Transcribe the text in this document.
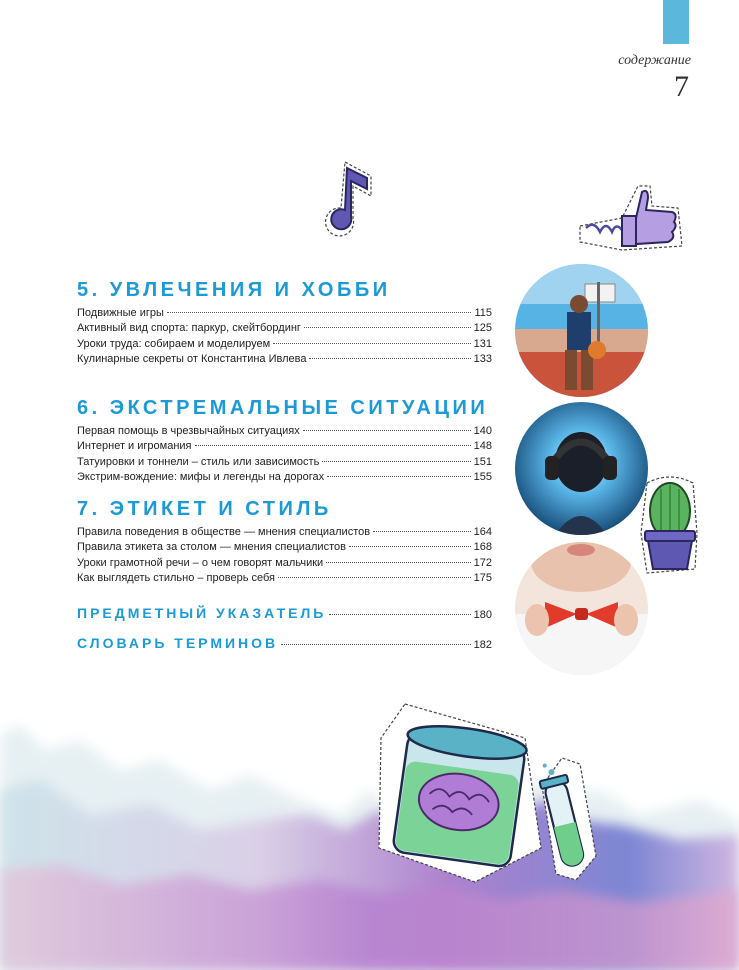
содержание
7
5. УВЛЕЧЕНИЯ И ХОББИ
Подвижные игры	115
Активный вид спорта: паркур, скейтбординг	125
Уроки труда: собираем и моделируем	131
Кулинарные секреты от Константина Ивлева	133
6. ЭКСТРЕМАЛЬНЫЕ СИТУАЦИИ
Первая помощь в чрезвычайных ситуациях	140
Интернет и игромания	148
Татуировки и тоннели – стиль или зависимость	151
Экстрим-вождение: мифы и легенды на дорогах	155
7. ЭТИКЕТ И СТИЛЬ
Правила поведения в обществе — мнения специалистов	164
Правила этикета за столом — мнения специалистов	168
Уроки грамотной речи – о чем говорят мальчики	172
Как выглядеть стильно – проверь себя	175
ПРЕДМЕТНЫЙ УКАЗАТЕЛЬ	180
СЛОВАРЬ ТЕРМИНОВ	182
